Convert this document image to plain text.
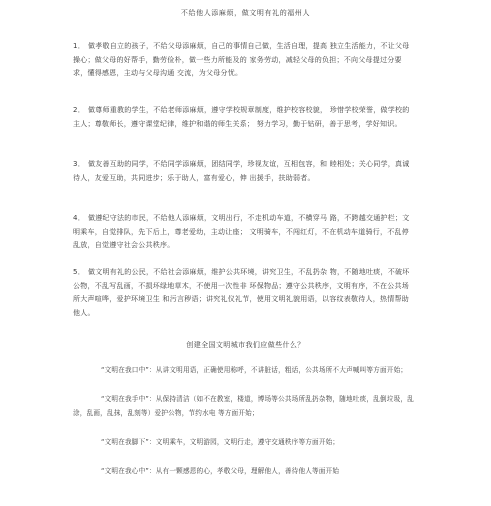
不给他人添麻烦，做文明有礼的福州人

1． 做孝敬自立的孩子，不给父母添麻烦，自己的事情自己做，生活自理，提高 独立生活能力，不让父母操心；做父母的好帮手，勤劳俭朴，做一些力所能及的 家务劳动，减轻父母的负担；不向父母提过分要求，懂得感恩，主动与父母沟通 交流，为父母分忧。

2． 做尊师重教的学生，不给老师添麻烦，遵守学校规章制度，维护校容校貌， 珍惜学校荣誉，做学校的主人；尊敬师长，遵守课堂纪律，维护和谐的师生关系； 努力学习，勤于钻研，善于思考，学好知识。

3． 做友善互助的同学，不给同学添麻烦，团结同学，珍视友谊，互相包容，和 睦相处；关心同学，真诚待人，友爱互助，共同进步；乐于助人，富有爱心，伸 出援手，扶助弱者。

4． 做遵纪守法的市民，不给他人添麻烦，文明出行，不走机动车道，不横穿马 路，不跨越交通护栏；文明乘车，自觉排队，先下后上，尊老爱幼，主动让座； 文明骑车，不闯红灯，不在机动车道骑行，不乱停乱放，自觉遵守社会公共秩序。

5． 做文明有礼的公民，不给社会添麻烦，维护公共环境，讲究卫生，不乱扔杂 物，不随地吐痰，不破坏公物，不乱写乱画，不损坏绿地草木，不使用一次性非 环保物品；遵守公共秩序，文明有序，不在公共场所大声喧哗，爱护环境卫生 和污言秽语；讲究礼仪礼节，使用文明礼貌用语，以容纹表敬待人，热情帮助 他人。

创建全国文明城市我们应做些什么？

“文明在我口中”：从讲文明用语，正确使用称呼，不讲脏话，粗话，公共场所不大声喊叫等方面开始；

“文明在我手中”：从保持清洁（如不在教室，楼道，博场等公共场所乱扔杂物，随地吐痰，乱倒垃圾，乱涂，乱画，乱抹，乱刻等）爱护公物，节约水电 等方面开始；

“文明在我脚下”：文明乘车，文明游园，文明行走，遵守交通秩序等方面开始；

“文明在我心中”：从有一颗感恩的心，孝敬父母，理解他人，善待他人等面开始
